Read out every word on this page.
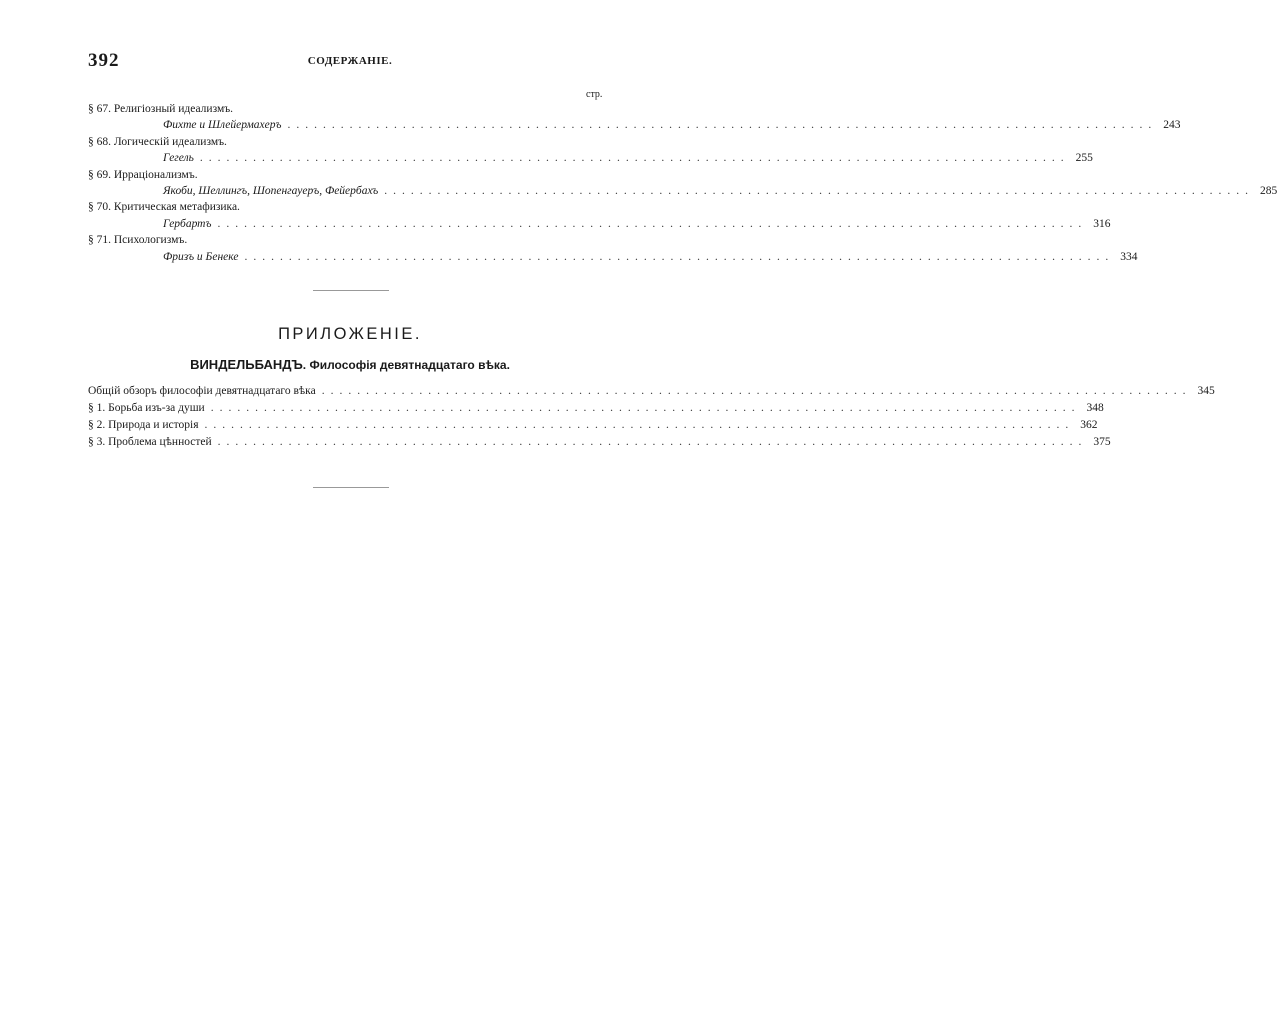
392	СОДЕРЖАНІЕ.
стр.
§ 67. Религіозный идеализмъ.
Фихте и Шлейермахеръ .................................................................................................. 243
§ 68. Логическій идеализмъ.
Гегель .................................................................................................. 255
§ 69. Ирраціонализмъ.
Якоби, Шеллингъ, Шопенгауеръ, Фейербахъ .................................................................................................. 285
§ 70. Критическая метафизика.
Гербартъ .................................................................................................. 316
§ 71. Психологизмъ.
Фризъ и Бенеке .................................................................................................. 334
ПРИЛОЖЕНІЕ.
ВИНДЕЛЬБАНДЪ. Философія девятнадцатаго вѣка.
Общій обзоръ философіи девятнадцатаго вѣка .................................................................................................. 345
§ 1. Борьба изъ-за души .................................................................................................. 348
§ 2. Природа и исторія .................................................................................................. 362
§ 3. Проблема цѣнностей .................................................................................................. 375
